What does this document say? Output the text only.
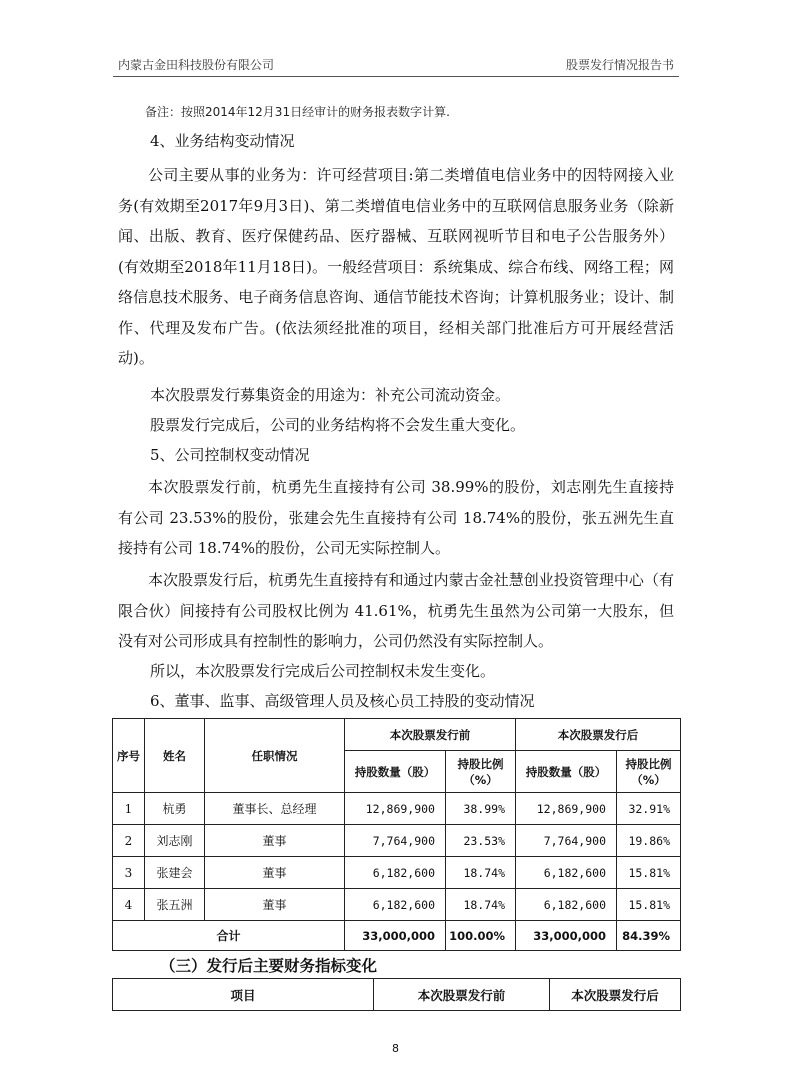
内蒙古金田科技股份有限公司	股票发行情况报告书
备注：按照2014年12月31日经审计的财务报表数字计算.
4、业务结构变动情况

公司主要从事的业务为：许可经营项目:第二类增值电信业务中的因特网接入业务(有效期至2017年9月3日)、第二类增值电信业务中的互联网信息服务业务（除新闻、出版、教育、医疗保健药品、医疗器械、互联网视听节目和电子公告服务外）(有效期至2018年11月18日)。一般经营项目：系统集成、综合布线、网络工程；网络信息技术服务、电子商务信息咨询、通信节能技术咨询；计算机服务业；设计、制作、代理及发布广告。(依法须经批准的项目，经相关部门批准后方可开展经营活动)。

本次股票发行募集资金的用途为：补充公司流动资金。
股票发行完成后，公司的业务结构将不会发生重大变化。
5、公司控制权变动情况

本次股票发行前，杭勇先生直接持有公司 38.99%的股份，刘志刚先生直接持有公司 23.53%的股份，张建会先生直接持有公司 18.74%的股份，张五洲先生直接持有公司 18.74%的股份，公司无实际控制人。

本次股票发行后，杭勇先生直接持有和通过内蒙古金社慧创业投资管理中心（有限合伙）间接持有公司股权比例为 41.61%，杭勇先生虽然为公司第一大股东，但没有对公司形成具有控制性的影响力，公司仍然没有实际控制人。

所以，本次股票发行完成后公司控制权未发生变化。
6、董事、监事、高级管理人员及核心员工持股的变动情况
序号	姓名	任职情况	本次股票发行前		本次股票发行后	
			持股数量（股）	持股比例（%）	持股数量（股）	持股比例（%）
1	杭勇	董事长、总经理	12,869,900	38.99%	12,869,900	32.91%
2	刘志刚	董事	7,764,900	23.53%	7,764,900	19.86%
3	张建会	董事	6,182,600	18.74%	6,182,600	15.81%
4	张五洲	董事	6,182,600	18.74%	6,182,600	15.81%
合计			33,000,000	100.00%	33,000,000	84.39%
（三）发行后主要财务指标变化
项目	本次股票发行前	本次股票发行后
8
